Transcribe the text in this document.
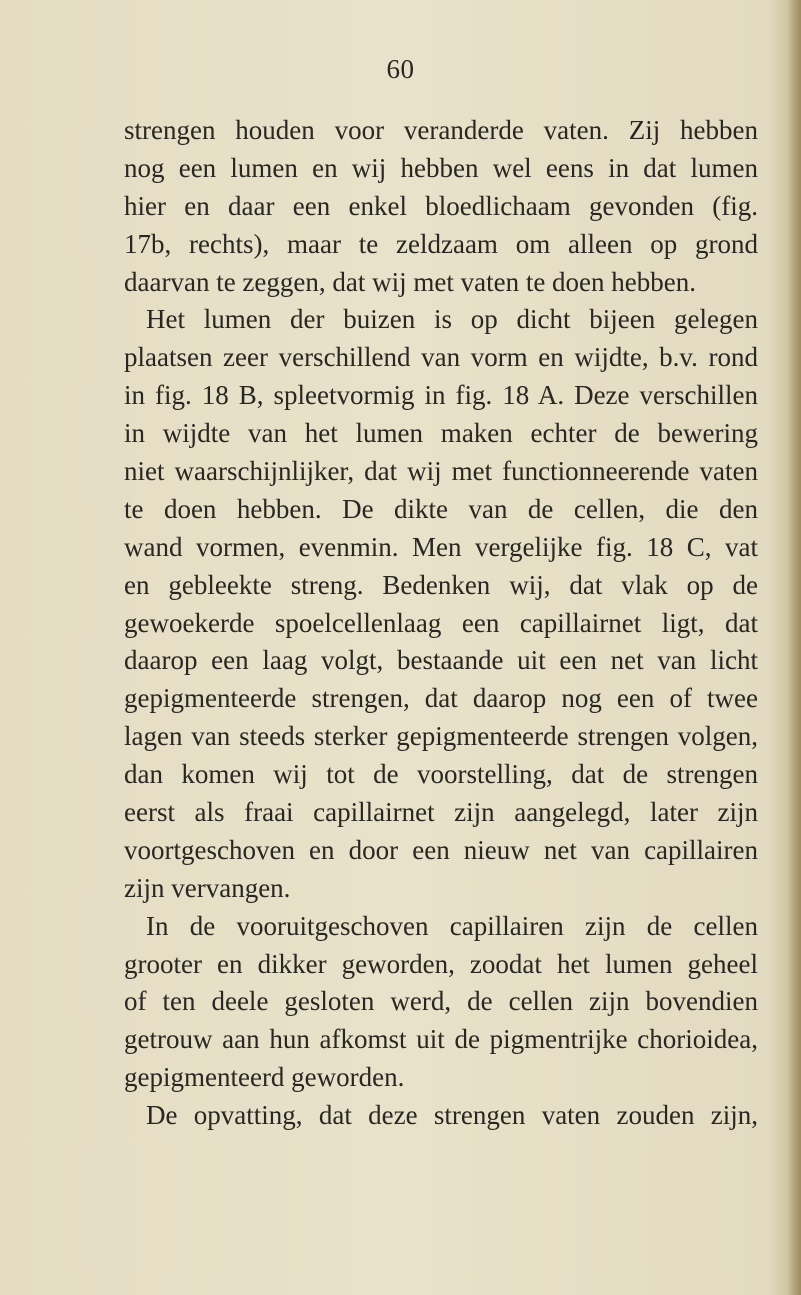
60
strengen houden voor veranderde vaten. Zij hebben
nog een lumen en wij hebben wel eens in dat lumen
hier en daar een enkel bloedlichaam gevonden (fig.
17b, rechts), maar te zeldzaam om alleen op grond
daarvan te zeggen, dat wij met vaten te doen hebben.
Het lumen der buizen is op dicht bijeen gelegen
plaatsen zeer verschillend van vorm en wijdte, b.v. rond
in fig. 18 B, spleetvormig in fig. 18 A. Deze verschillen
in wijdte van het lumen maken echter de bewering
niet waarschijnlijker, dat wij met functionneerende vaten
te doen hebben. De dikte van de cellen, die den
wand vormen, evenmin. Men vergelijke fig. 18 C, vat
en gebleekte streng. Bedenken wij, dat vlak op de
gewoekerde spoelcellenlaag een capillairnet ligt, dat
daarop een laag volgt, bestaande uit een net van licht
gepigmenteerde strengen, dat daarop nog een of twee
lagen van steeds sterker gepigmenteerde strengen volgen,
dan komen wij tot de voorstelling, dat de strengen
eerst als fraai capillairnet zijn aangelegd, later zijn
voortgeschoven en door een nieuw net van capillairen
zijn vervangen.
In de vooruitgeschoven capillairen zijn de cellen
grooter en dikker geworden, zoodat het lumen geheel
of ten deele gesloten werd, de cellen zijn bovendien
getrouw aan hun afkomst uit de pigmentrijke chorioidea,
gepigmenteerd geworden.
De opvatting, dat deze strengen vaten zouden zijn,
